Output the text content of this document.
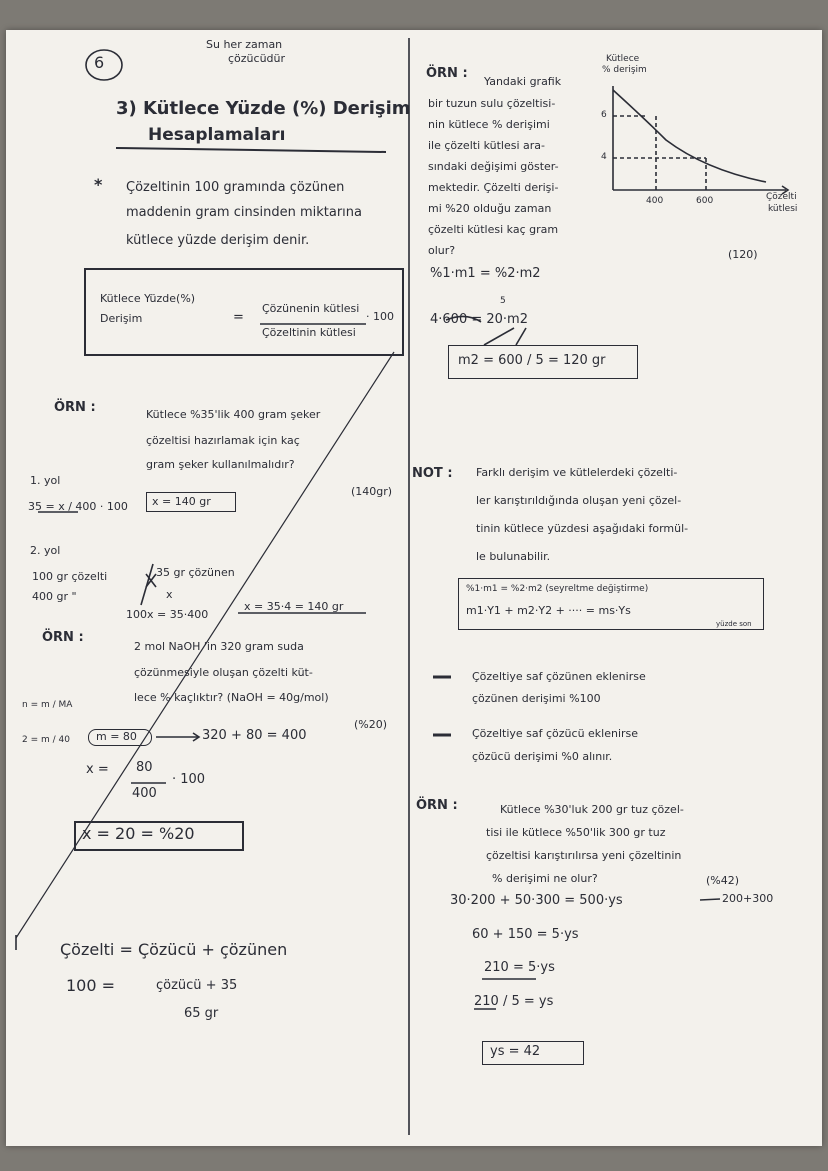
6
Su her zaman
çözücüdür
3) Kütlece Yüzde (%) Derişim
Hesaplamaları
* Çözeltinin 100 gramında çözünen
maddenin gram cinsinden miktarına
kütlece yüzde derişim denir.
Kütlece Yüzde(%)
Derişim	=
Çözünenin kütlesi
Çözeltinin kütlesi
· 100
ÖRN :	Kütlece %35'lik 400 gram şeker
çözeltisi hazırlamak için kaç
gram şeker kullanılmalıdır?
(140gr)
1. yol
35 = x / 400 · 100 x = 140 gr
2. yol
100 gr çözelti	35 gr çözünen
400 gr "	x
100x = 35·400
x = 35·4 = 140 gr
ÖRN :
2 mol NaOH 'in 320 gram suda
çözünmesiyle oluşan çözelti küt-
lece % kaçlıktır? (NaOH = 40g/mol)
(%20)
n = m / MA
2 = m / 40 m = 80	320 + 80 = 400
x = 80
400
· 100
x = 20 = %20
Çözelti = Çözücü + çözünen
100 =	çözücü + 35
65 gr
ÖRN :
Yandaki grafik
bir tuzun sulu çözeltisi-
nin kütlece % derişimi
ile çözelti kütlesi ara-
sındaki değişimi göster-
mektedir. Çözelti derişi-
mi %20 olduğu zaman
çözelti kütlesi kaç gram
olur?	(120)
Kütlece
% derişim
6
4
400	600	Çözelti
kütlesi
%1·m1 = %2·m2
5
4·600 = 20·m2
m2 = 600 / 5 = 120 gr
NOT : Farklı derişim ve kütlelerdeki çözelti-
ler karıştırıldığında oluşan yeni çözel-
tinin kütlece yüzdesi aşağıdaki formül-
le bulunabilir.
%1·m1 = %2·m2 (seyreltme değiştirme)
m1·Y1 + m2·Y2 + ···· = ms·Ys
yüzde son
Çözeltiye saf çözünen eklenirse
çözünen derişimi %100
Çözeltiye saf çözücü eklenirse
çözücü derişimi %0 alınır.
ÖRN :	Kütlece %30'luk 200 gr tuz çözel-
tisi ile kütlece %50'lik 300 gr tuz
çözeltisi karıştırılırsa yeni çözeltinin
% derişimi ne olur?	(%42)
30·200 + 50·300 = 500·ys	200+300
60 + 150 = 5·ys
210 = 5·ys
210 / 5 = ys
ys = 42
